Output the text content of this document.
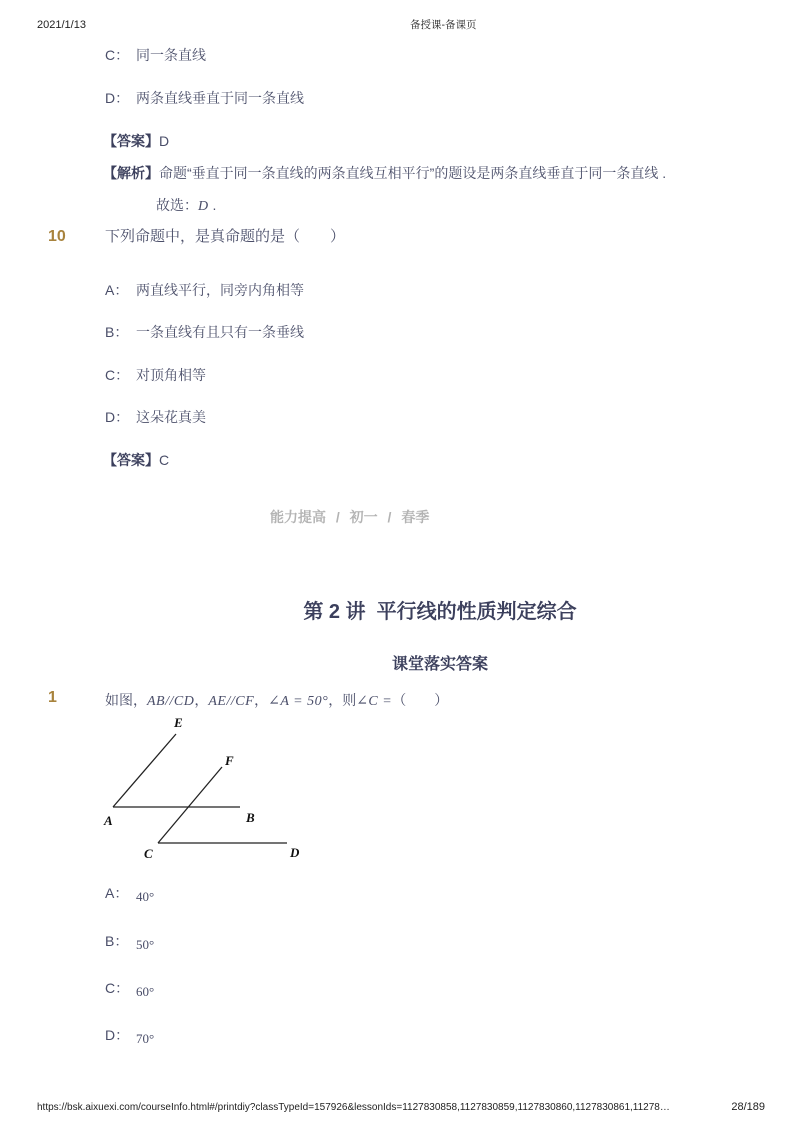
2021/1/13	备授课-备课页
C： 同一条直线
D： 两条直线垂直于同一条直线
【答案】D
【解析】命题“垂直于同一条直线的两条直线互相平行”的题设是两条直线垂直于同一条直线 .
故选：D .
10	下列命题中，是真命题的是（　　）
A： 两直线平行，同旁内角相等
B： 一条直线有且只有一条垂线
C： 对顶角相等
D： 这朵花真美
【答案】C
能力提高 / 初一 / 春季
第 2 讲  平行线的性质判定综合
课堂落实答案
1	如图，AB//CD，AE//CF，∠A = 50°，则∠C =（　　）
E
F
A	B
C	D
A： 40°
B： 50°
C： 60°
D： 70°
https://bsk.aixuexi.com/courseInfo.html#/printdiy?classTypeId=157926&lessonIds=1127830858,1127830859,1127830860,1127830861,11278…	28/189
